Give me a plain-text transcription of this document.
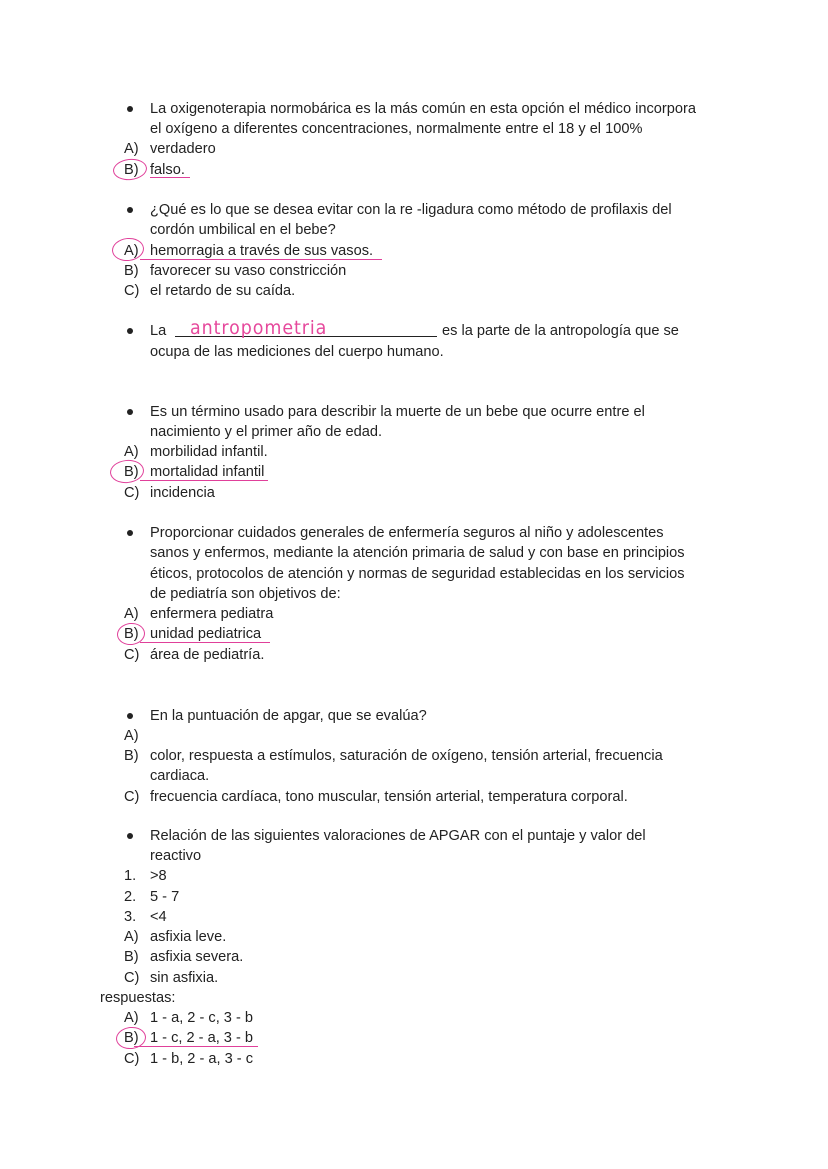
La oxigenoterapia normobárica es la más común en esta opción el médico incorpora
el oxígeno a diferentes concentraciones, normalmente entre el 18 y el 100%
A) verdadero
B) falso.
¿Qué es lo que se desea evitar con la re -ligadura como método de profilaxis del
cordón umbilical en el bebe?
A) hemorragia a través de sus vasos.
B) favorecer su vaso constricción
C) el retardo de su caída.
La antropometria	es la parte de la antropología que se
ocupa de las mediciones del cuerpo humano.
Es un término usado para describir la muerte de un bebe que ocurre entre el
nacimiento y el primer año de edad.
A) morbilidad infantil.
B) mortalidad infantil
C) incidencia
Proporcionar cuidados generales de enfermería seguros al niño y adolescentes
sanos y enfermos, mediante la atención primaria de salud y con base en principios
éticos, protocolos de atención y normas de seguridad establecidas en los servicios
de pediatría son objetivos de:
A) enfermera pediatra
B) unidad pediatrica
C) área de pediatría.
En la puntuación de apgar, que se evalúa?
A)
B) color, respuesta a estímulos, saturación de oxígeno, tensión arterial, frecuencia
cardiaca.
C) frecuencia cardíaca, tono muscular, tensión arterial, temperatura corporal.
Relación de las siguientes valoraciones de APGAR con el puntaje y valor del
reactivo
1. >8
2. 5 - 7
3. <4
A) asfixia leve.
B) asfixia severa.
C) sin asfixia.
respuestas:
A) 1 - a, 2 - c, 3 - b
B) 1 - c, 2 - a, 3 - b
C) 1 - b, 2 - a, 3 - c
